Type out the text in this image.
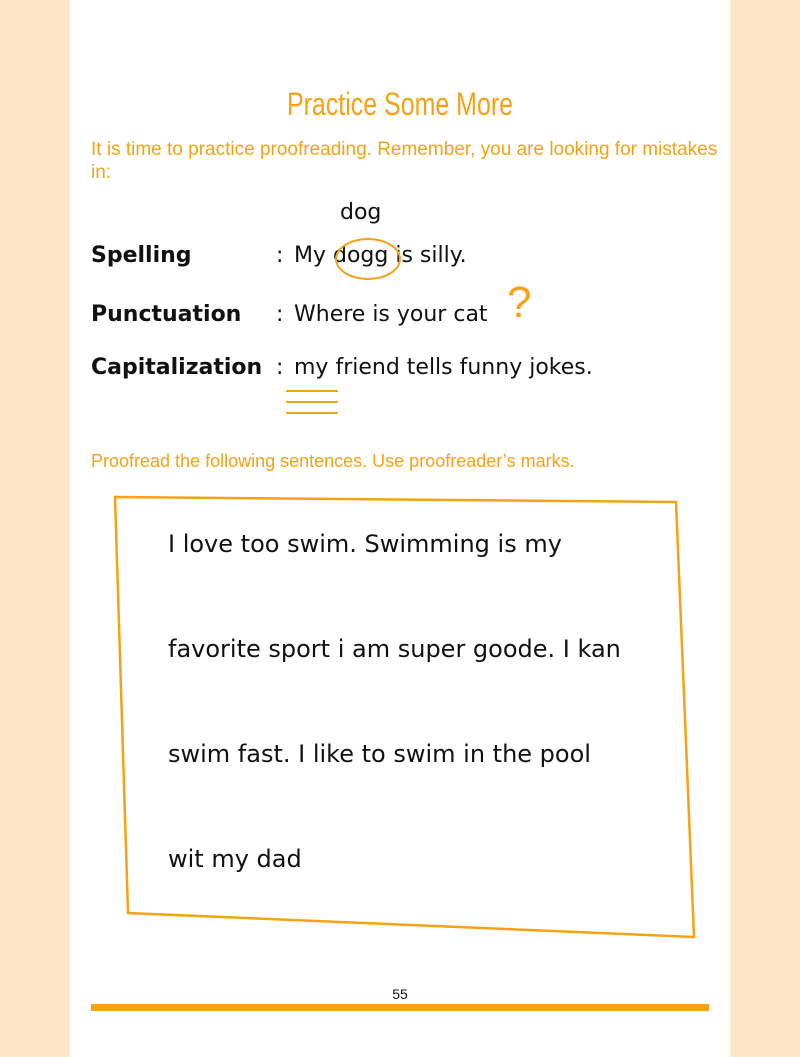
Practice Some More
It is time to practice proofreading. Remember, you are looking for mistakes in:
dog
Spelling	: My dogg is silly.
Punctuation : Where is your cat ?
Capitalization : my friend tells funny jokes.
Proofread the following sentences. Use proofreader’s marks.
I love too swim. Swimming is my
favorite sport i am super goode. I kan
swim fast. I like to swim in the pool
wit my dad
55
